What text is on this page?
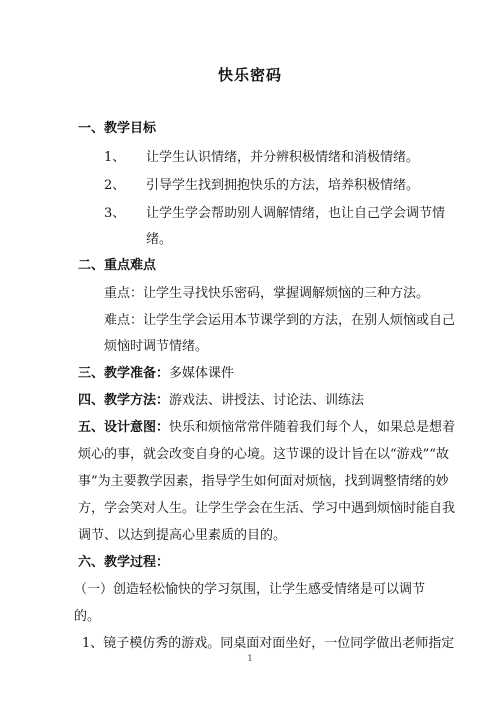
快乐密码
一、教学目标
1、 让学生认识情绪，并分辨积极情绪和消极情绪。
2、 引导学生找到拥抱快乐的方法，培养积极情绪。
3、 让学生学会帮助别人调解情绪，也让自己学会调节情
绪。
二、重点难点
重点：让学生寻找快乐密码，掌握调解烦恼的三种方法。
难点：让学生学会运用本节课学到的方法，在别人烦恼或自己
烦恼时调节情绪。
三、教学准备：多媒体课件
四、教学方法：游戏法、讲授法、讨论法、训练法
五、设计意图：快乐和烦恼常常伴随着我们每个人，如果总是想着
烦心的事，就会改变自身的心境。这节课的设计旨在以“游戏”“故
事”为主要教学因素，指导学生如何面对烦恼，找到调整情绪的妙
方，学会笑对人生。让学生学会在生活、学习中遇到烦恼时能自我
调节、以达到提高心里素质的目的。
六、教学过程：
（一）创造轻松愉快的学习氛围，让学生感受情绪是可以调节
的。
1、镜子模仿秀的游戏。同桌面对面坐好，一位同学做出老师指定
1
